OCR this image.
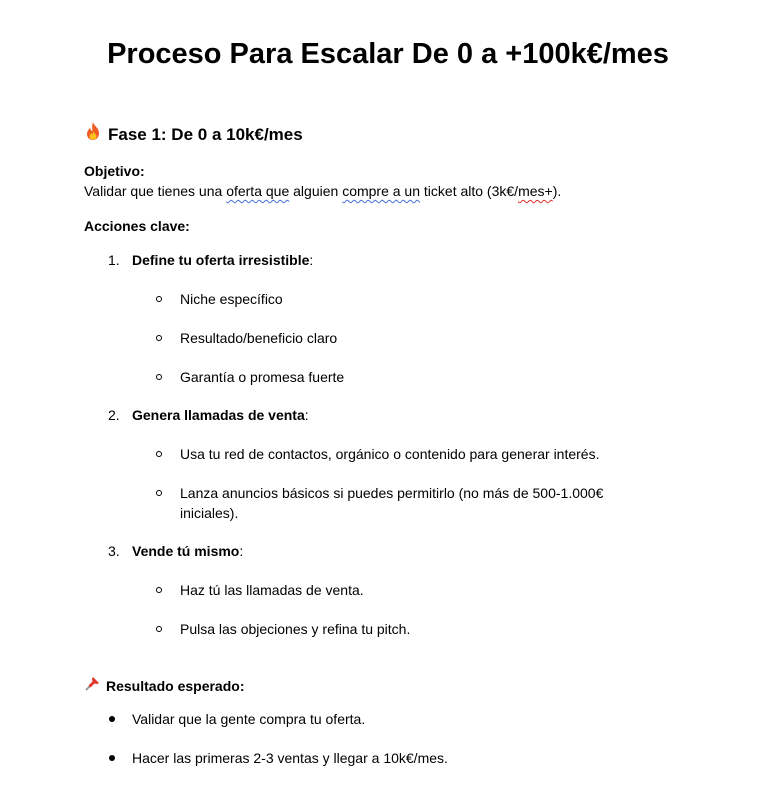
Proceso Para Escalar De 0 a +100k€/mes
Fase 1: De 0 a 10k€/mes
Objetivo:
Validar que tienes una oferta que alguien compre a un ticket alto (3k€/mes+).
Acciones clave:
1. Define tu oferta irresistible:
Niche específico
Resultado/beneficio claro
Garantía o promesa fuerte
2. Genera llamadas de venta:
Usa tu red de contactos, orgánico o contenido para generar interés.
Lanza anuncios básicos si puedes permitirlo (no más de 500-1.000€ iniciales).
3. Vende tú mismo:
Haz tú las llamadas de venta.
Pulsa las objeciones y refina tu pitch.
Resultado esperado:
Validar que la gente compra tu oferta.
Hacer las primeras 2-3 ventas y llegar a 10k€/mes.
